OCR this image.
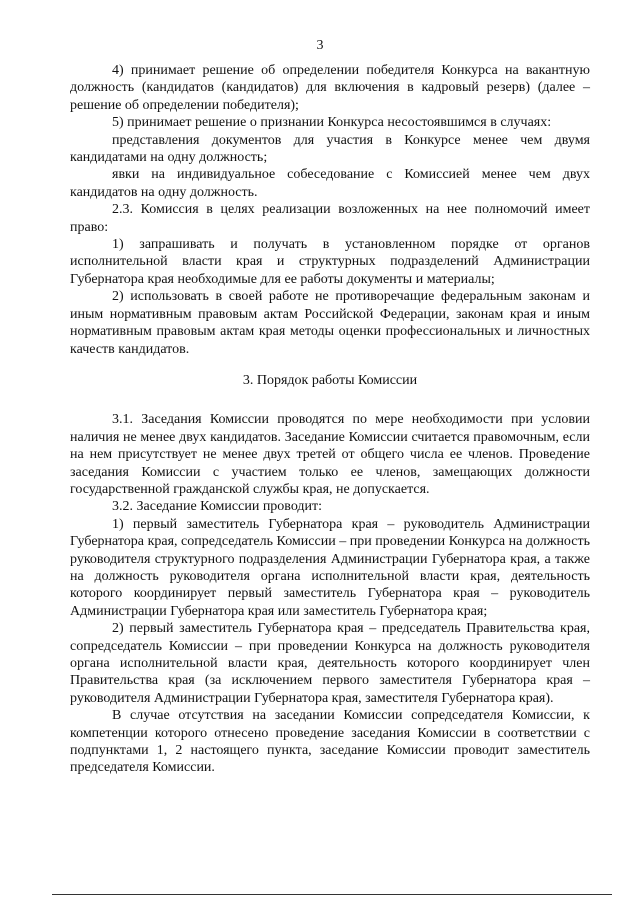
3

4) принимает решение об определении победителя Конкурса на вакантную должность (кандидатов (кандидатов) для включения в кадровый резерв) (далее – решение об определении победителя);

5) принимает решение о признании Конкурса несостоявшимся в случаях:

представления документов для участия в Конкурсе менее чем двумя кандидатами на одну должность;

явки на индивидуальное собеседование с Комиссией менее чем двух кандидатов на одну должность.

2.3. Комиссия в целях реализации возложенных на нее полномочий имеет право:

1) запрашивать и получать в установленном порядке от органов исполнительной власти края и структурных подразделений Администрации Губернатора края необходимые для ее работы документы и материалы;

2) использовать в своей работе не противоречащие федеральным законам и иным нормативным правовым актам Российской Федерации, законам края и иным нормативным правовым актам края методы оценки профессиональных и личностных качеств кандидатов.

3. Порядок работы Комиссии

3.1. Заседания Комиссии проводятся по мере необходимости при условии наличия не менее двух кандидатов. Заседание Комиссии считается правомочным, если на нем присутствует не менее двух третей от общего числа ее членов. Проведение заседания Комиссии с участием только ее членов, замещающих должности государственной гражданской службы края, не допускается.

3.2. Заседание Комиссии проводит:

1) первый заместитель Губернатора края – руководитель Администрации Губернатора края, сопредседатель Комиссии – при проведении Конкурса на должность руководителя структурного подразделения Администрации Губернатора края, а также на должность руководителя органа исполнительной власти края, деятельность которого координирует первый заместитель Губернатора края – руководитель Администрации Губернатора края или заместитель Губернатора края;

2) первый заместитель Губернатора края – председатель Правительства края, сопредседатель Комиссии – при проведении Конкурса на должность руководителя органа исполнительной власти края, деятельность которого координирует член Правительства края (за исключением первого заместителя Губернатора края – руководителя Администрации Губернатора края, заместителя Губернатора края).

В случае отсутствия на заседании Комиссии сопредседателя Комиссии, к компетенции которого отнесено проведение заседания Комиссии в соответствии с подпунктами 1, 2 настоящего пункта, заседание Комиссии проводит заместитель председателя Комиссии.
